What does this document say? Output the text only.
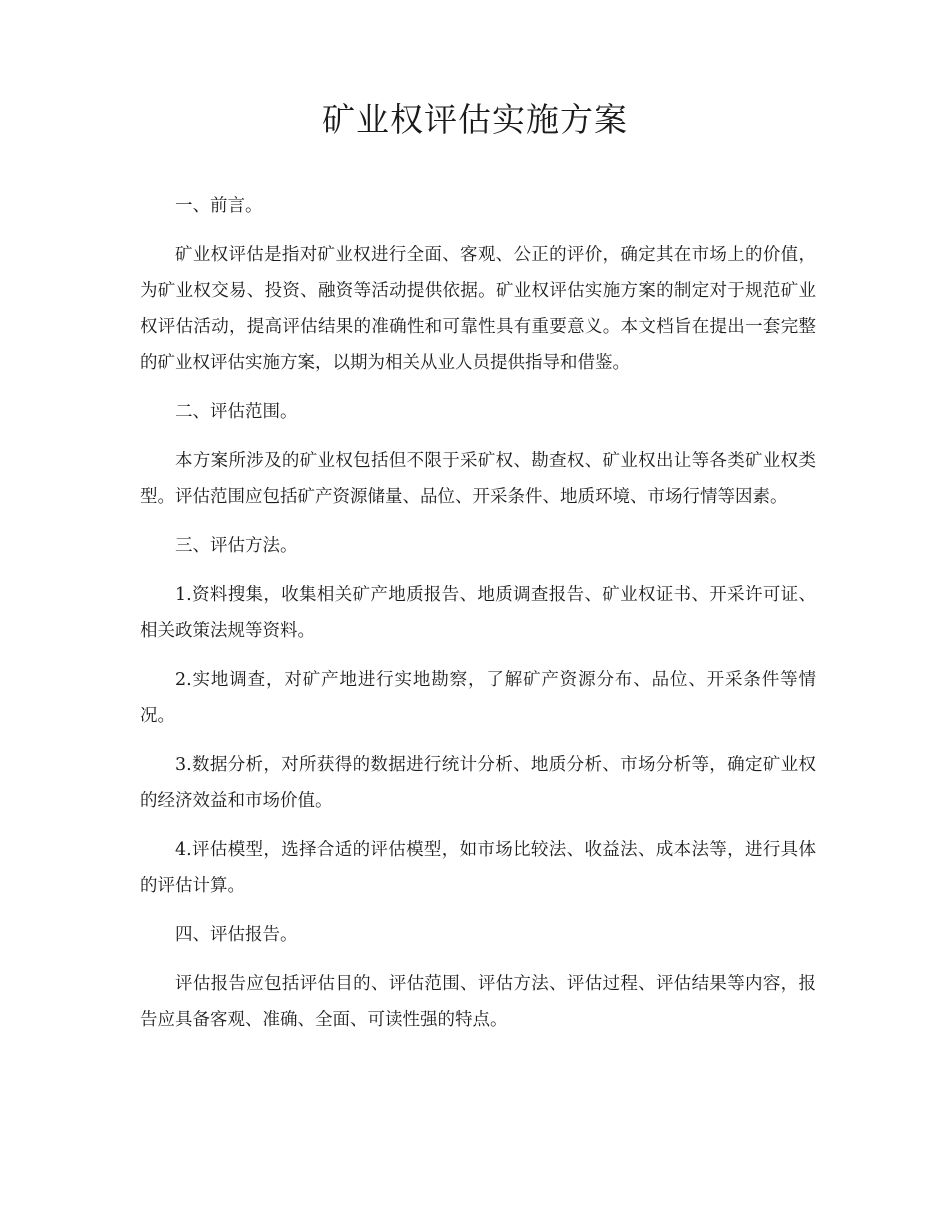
矿业权评估实施方案

一、前言。

矿业权评估是指对矿业权进行全面、客观、公正的评价，确定其在市场上的价值，为矿业权交易、投资、融资等活动提供依据。矿业权评估实施方案的制定对于规范矿业权评估活动，提高评估结果的准确性和可靠性具有重要意义。本文档旨在提出一套完整的矿业权评估实施方案，以期为相关从业人员提供指导和借鉴。

二、评估范围。

本方案所涉及的矿业权包括但不限于采矿权、勘查权、矿业权出让等各类矿业权类型。评估范围应包括矿产资源储量、品位、开采条件、地质环境、市场行情等因素。

三、评估方法。

1.资料搜集，收集相关矿产地质报告、地质调查报告、矿业权证书、开采许可证、相关政策法规等资料。

2.实地调查，对矿产地进行实地勘察，了解矿产资源分布、品位、开采条件等情况。

3.数据分析，对所获得的数据进行统计分析、地质分析、市场分析等，确定矿业权的经济效益和市场价值。

4.评估模型，选择合适的评估模型，如市场比较法、收益法、成本法等，进行具体的评估计算。

四、评估报告。

评估报告应包括评估目的、评估范围、评估方法、评估过程、评估结果等内容，报告应具备客观、准确、全面、可读性强的特点。
